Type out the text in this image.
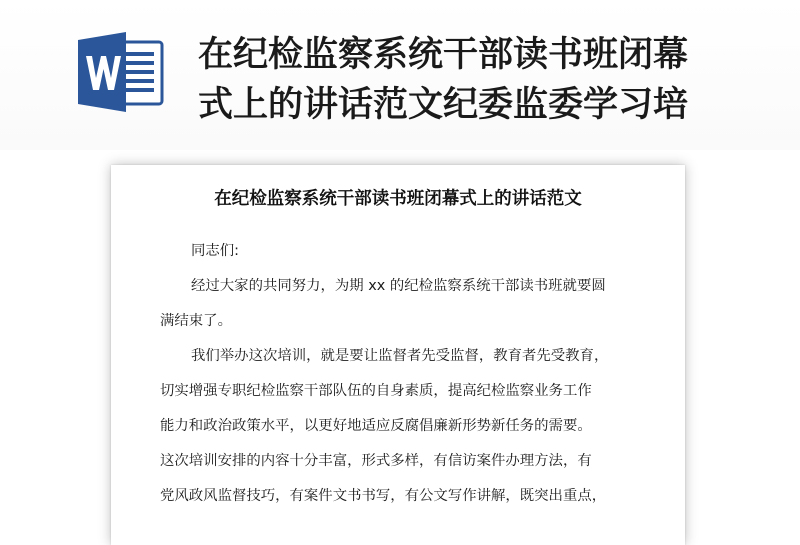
在纪检监察系统干部读书班闭幕
式上的讲话范文纪委监委学习培
在纪检监察系统干部读书班闭幕式上的讲话范文
同志们:
经过大家的共同努力，为期 xx 的纪检监察系统干部读书班就要圆
满结束了。
我们举办这次培训，就是要让监督者先受监督，教育者先受教育，
切实增强专职纪检监察干部队伍的自身素质，提高纪检监察业务工作
能力和政治政策水平，以更好地适应反腐倡廉新形势新任务的需要。
这次培训安排的内容十分丰富，形式多样，有信访案件办理方法，有
党风政风监督技巧，有案件文书书写，有公文写作讲解，既突出重点，
